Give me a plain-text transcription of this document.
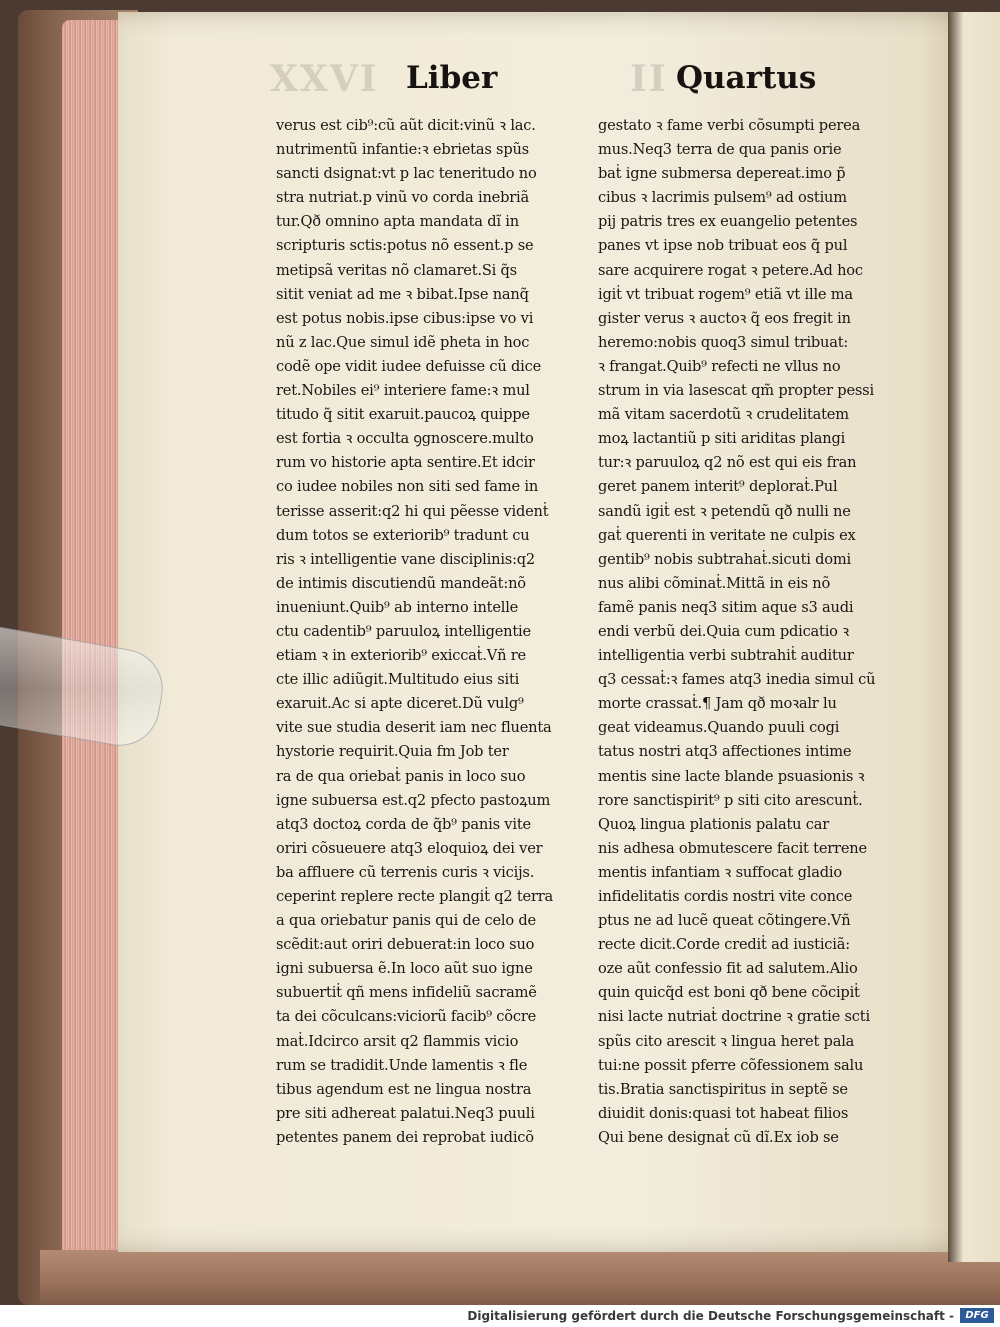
XXVI	II
Liber	Quartus
verus est cib⁹:cũ aũt dicit:vinũ ꝛ lac.
nutrimentũ infantie:ꝛ ebrietas spũs
sancti dsignat:vt p lac teneritudo no
stra nutriat.p vinũ vo corda inebriã
tur.Qð omnino apta mandata dĩ in
scripturis sctis:potus nõ essent.p se
metipsã veritas nõ clamaret.Si q̃s
sitit veniat ad me ꝛ bibat.Ipse nanq̃
est potus nobis.ipse cibus:ipse vo vi
nũ z lac.Que simul idẽ pheta in hoc
codẽ ope vidit iudee defuisse cũ dice
ret.Nobiles ei⁹ interiere fame:ꝛ mul
titudo q̃ sitit exaruit.paucoꝝ quippe
est fortia ꝛ occulta ꝯgnoscere.multo
rum vo historie apta sentire.Et idcir
co iudee nobiles non siti sed fame in
terisse asserit:q2 hi qui pẽesse videnṫ
dum totos se exteriorib⁹ tradunt cu
ris ꝛ intelligentie vane disciplinis:q2
de intimis discutiendũ mandeãt:nõ
inueniunt.Quib⁹ ab interno intelle
ctu cadentib⁹ paruuloꝝ intelligentie
etiam ꝛ in exteriorib⁹ exiccaṫ.Vñ re
cte illic adiũgit.Multitudo eius siti
exaruit.Ac si apte diceret.Dũ vulg⁹
vite sue studia deserit iam nec fluenta
hystorie requirit.Quia fm Job ter
ra de qua oriebaṫ panis in loco suo
igne subuersa est.q2 pfecto pastoꝝum
atq3 doctoꝝ corda de q̃b⁹ panis vite
oriri cõsueuere atq3 eloquioꝝ dei ver
ba affluere cũ terrenis curis ꝛ vicijs.
ceperint replere recte plangiṫ q2 terra
a qua oriebatur panis qui de celo de
scẽdit:aut oriri debuerat:in loco suo
igni subuersa ẽ.In loco aũt suo igne
subuertiṫ qñ mens infideliũ sacramẽ
ta dei cõculcans:viciorũ facib⁹ cõcre
maṫ.Idcirco arsit q2 flammis vicio
rum se tradidit.Unde lamentis ꝛ fle
tibus agendum est ne lingua nostra
pre siti adhereat palatui.Neq3 puuli
petentes panem dei reprobat iudicõ
gestato ꝛ fame verbi cõsumpti perea
mus.Neq3 terra de qua panis orie
baṫ igne submersa depereat.imo p̃
cibus ꝛ lacrimis pulsem⁹ ad ostium
pij patris tres ex euangelio petentes
panes vt ipse nob tribuat eos q̃ pul
sare acquirere rogat ꝛ petere.Ad hoc
igiṫ vt tribuat rogem⁹ etiã vt ille ma
gister verus ꝛ auctoꝛ q̃ eos fregit in
heremo:nobis quoq3 simul tribuat:
ꝛ frangat.Quib⁹ refecti ne vllus no
strum in via lasescat qm̃ propter pessi
mã vitam sacerdotũ ꝛ crudelitatem
moꝝ lactantiũ p siti ariditas plangi
tur:ꝛ paruuloꝝ q2 nõ est qui eis fran
geret panem interit⁹ deploraṫ.Pul
sandũ igiṫ est ꝛ petendũ qð nulli ne
gaṫ querenti in veritate ne culpis ex
gentib⁹ nobis subtrahaṫ.sicuti domi
nus alibi cõminaṫ.Mittã in eis nõ
famẽ panis neq3 sitim aque s3 audi
endi verbũ dei.Quia cum pdicatio ꝛ
intelligentia verbi subtrahiṫ auditur
q3 cessaṫ:ꝛ fames atq3 inedia simul cũ
morte crassaṫ.¶ Jam qð moꝛalr lu
geat videamus.Quando puuli cogi
tatus nostri atq3 affectiones intime
mentis sine lacte blande psuasionis ꝛ
rore sanctispirit⁹ p siti cito arescunṫ.
Quoꝝ lingua plationis palatu car
nis adhesa obmutescere facit terrene
mentis infantiam ꝛ suffocat gladio
infidelitatis cordis nostri vite conce
ptus ne ad lucẽ queat cõtingere.Vñ
recte dicit.Corde crediṫ ad iusticiã:
oze aũt confessio fit ad salutem.Alio
quin quicq̃d est boni qð bene cõcipiṫ
nisi lacte nutriaṫ doctrine ꝛ gratie scti
spũs cito arescit ꝛ lingua heret pala
tui:ne possit pferre cõfessionem salu
tis.Bratia sanctispiritus in septẽ se
diuidit donis:quasi tot habeat filios
Qui bene designaṫ cũ dĩ.Ex iob se
Digitalisierung gefördert durch die Deutsche Forschungsgemeinschaft -	DFG
